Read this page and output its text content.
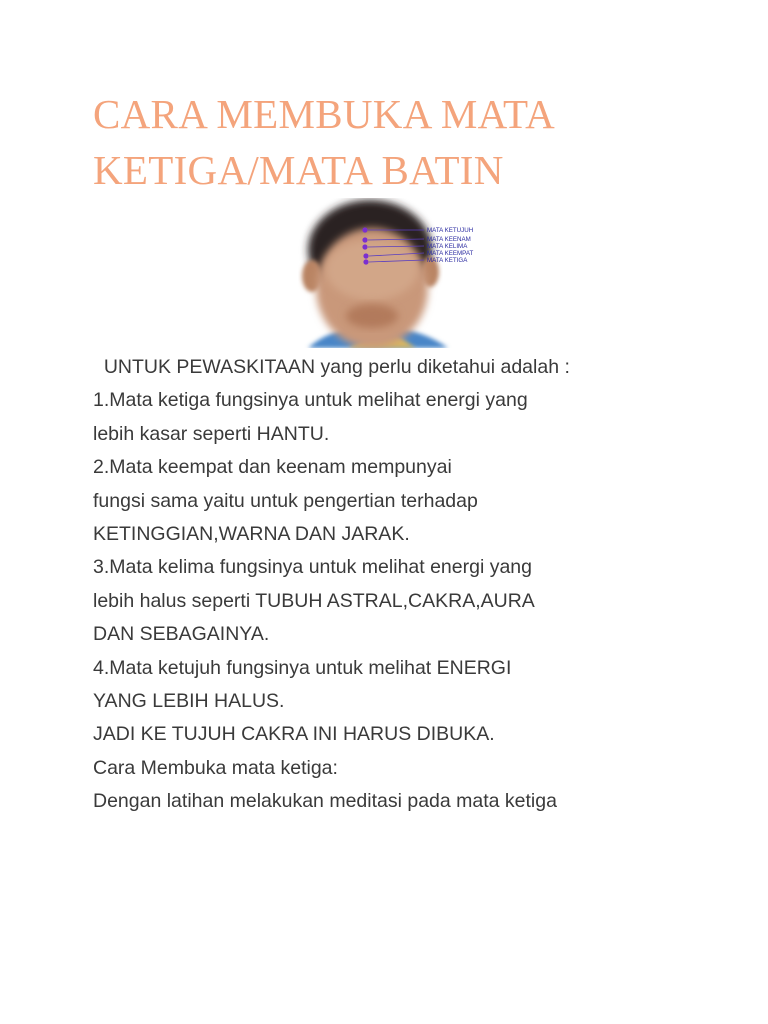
CARA MEMBUKA MATA
KETIGA/MATA BATIN
MATA KETUJUH
MATA KEENAM
MATA KELIMA
MATA KEEMPAT
MATA KETIGA
UNTUK PEWASKITAAN yang perlu diketahui adalah :
1.Mata ketiga fungsinya untuk melihat energi yang
lebih kasar seperti HANTU.
2.Mata keempat dan keenam mempunyai
fungsi sama yaitu untuk pengertian terhadap
KETINGGIAN,WARNA DAN JARAK.
3.Mata kelima fungsinya untuk melihat energi yang
lebih halus seperti TUBUH ASTRAL,CAKRA,AURA
DAN SEBAGAINYA.
4.Mata ketujuh fungsinya untuk melihat ENERGI
YANG LEBIH HALUS.
JADI KE TUJUH CAKRA INI HARUS DIBUKA.
Cara Membuka mata ketiga:
Dengan latihan melakukan meditasi pada mata ketiga
